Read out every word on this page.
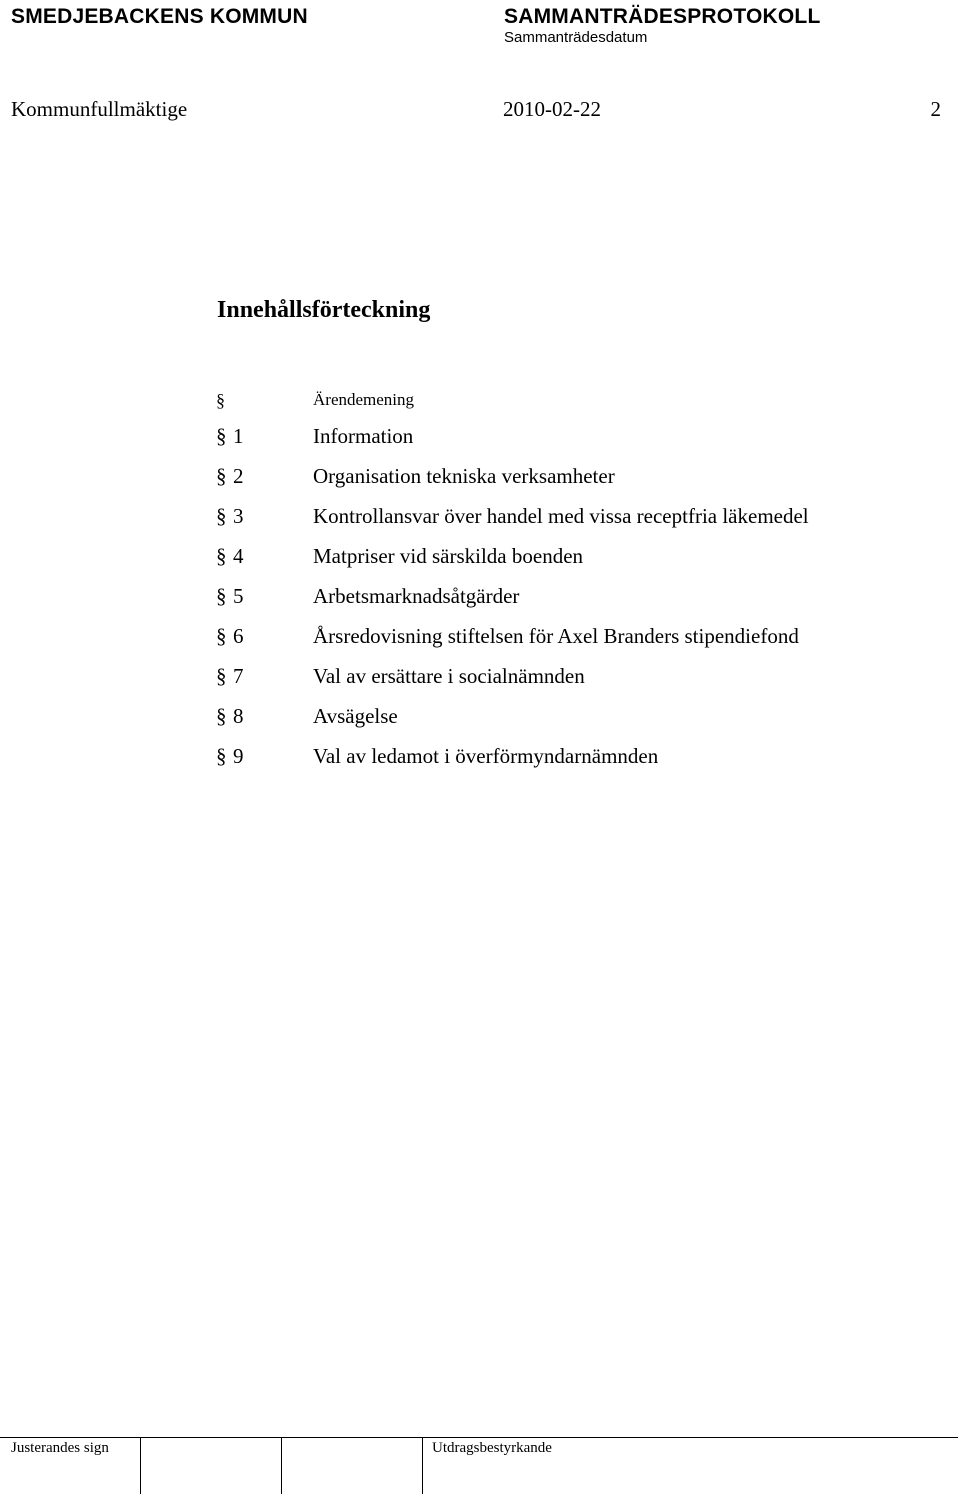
SMEDJEBACKENS KOMMUN	SAMMANTRÄDESPROTOKOLL
Sammanträdesdatum
Kommunfullmäktige	2010-02-22	2
Innehållsförteckning
§	Ärendemening
§ 1	Information
§ 2	Organisation tekniska verksamheter
§ 3	Kontrollansvar över handel med vissa receptfria läkemedel
§ 4	Matpriser vid särskilda boenden
§ 5	Arbetsmarknadsåtgärder
§ 6	Årsredovisning stiftelsen för Axel Branders stipendiefond
§ 7	Val av ersättare i socialnämnden
§ 8	Avsägelse
§ 9	Val av ledamot i överförmyndarnämnden
Justerandes sign	Utdragsbestyrkande
